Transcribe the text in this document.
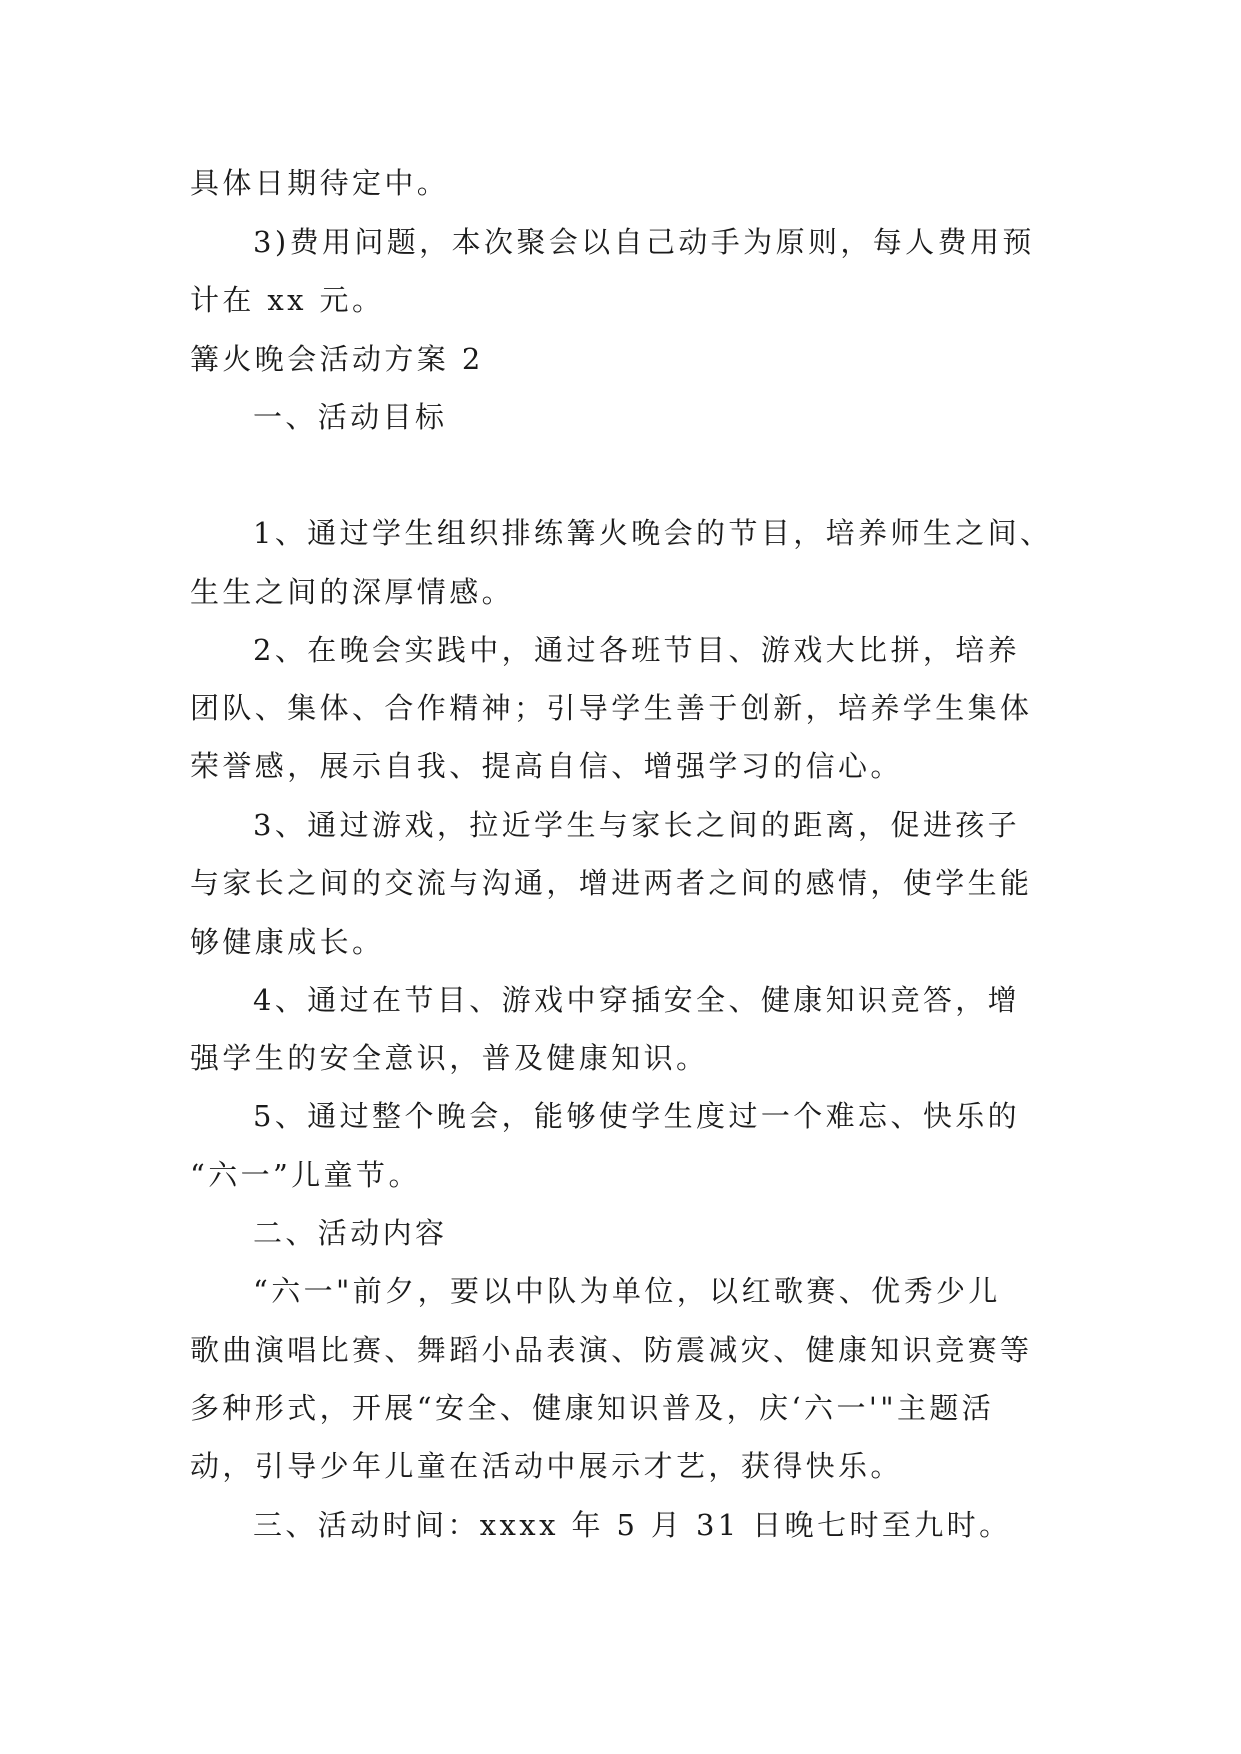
具体日期待定中。

3)费用问题，本次聚会以自己动手为原则，每人费用预

计在 xx 元。

篝火晚会活动方案 2

一、活动目标

1、通过学生组织排练篝火晚会的节目，培养师生之间、

生生之间的深厚情感。

2、在晚会实践中，通过各班节目、游戏大比拼，培养

团队、集体、合作精神；引导学生善于创新，培养学生集体

荣誉感，展示自我、提高自信、增强学习的信心。

3、通过游戏，拉近学生与家长之间的距离，促进孩子

与家长之间的交流与沟通，增进两者之间的感情，使学生能

够健康成长。

4、通过在节目、游戏中穿插安全、健康知识竞答，增

强学生的安全意识，普及健康知识。

5、通过整个晚会，能够使学生度过一个难忘、快乐的

“六一”儿童节。

二、活动内容

“六一"前夕，要以中队为单位，以红歌赛、优秀少儿

歌曲演唱比赛、舞蹈小品表演、防震减灾、健康知识竞赛等

多种形式，开展“安全、健康知识普及，庆‘六一'"主题活

动，引导少年儿童在活动中展示才艺，获得快乐。

三、活动时间：xxxx 年 5 月 31 日晚七时至九时。
